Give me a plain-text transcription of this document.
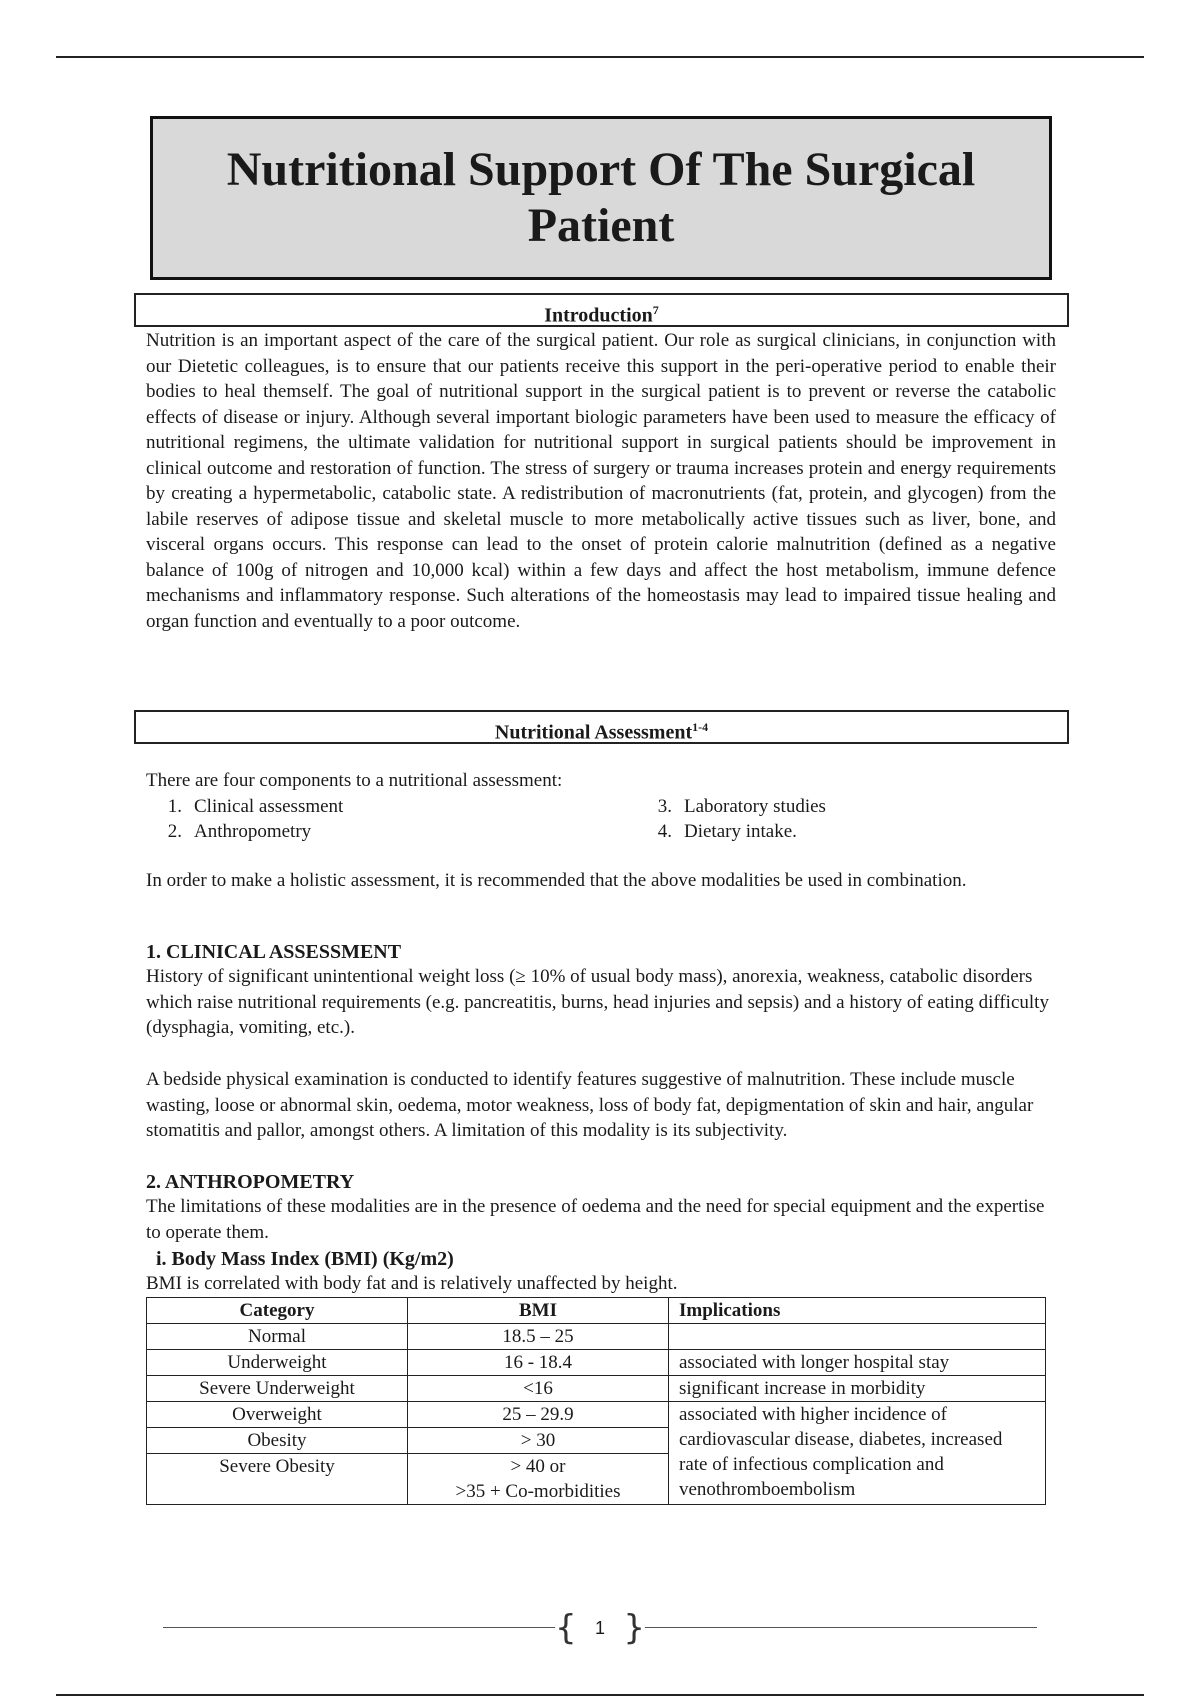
Nutritional Support Of The Surgical Patient
Introduction$^7$

Nutrition is an important aspect of the care of the surgical patient. Our role as surgical clinicians, in conjunction with our Dietetic colleagues, is to ensure that our patients receive this support in the peri-operative period to enable their bodies to heal themself. The goal of nutritional support in the surgical patient is to prevent or reverse the catabolic effects of disease or injury. Although several important biologic parameters have been used to measure the efficacy of nutritional regimens, the ultimate validation for nutritional support in surgical patients should be improvement in clinical outcome and restoration of function. The stress of surgery or trauma increases protein and energy requirements by creating a hypermetabolic, catabolic state. A redistribution of macronutrients (fat, protein, and glycogen) from the labile reserves of adipose tissue and skeletal muscle to more metabolically active tissues such as liver, bone, and visceral organs occurs. This response can lead to the onset of protein calorie malnutrition (defined as a negative balance of 100g of nitrogen and 10,000 kcal) within a few days and affect the host metabolism, immune defence mechanisms and inflammatory response. Such alterations of the homeostasis may lead to impaired tissue healing and organ function and eventually to a poor outcome.

Nutritional Assessment$^{1-4}$

There are four components to a nutritional assessment:

1. Clinical assessment
2. Anthropometry
3. Laboratory studies
4. Dietary intake.

In order to make a holistic assessment, it is recommended that the above modalities be used in combination.

1. CLINICAL ASSESSMENT

History of significant unintentional weight loss (≥ 10% of usual body mass), anorexia, weakness, catabolic disorders which raise nutritional requirements (e.g. pancreatitis, burns, head injuries and sepsis) and a history of eating difficulty (dysphagia, vomiting, etc.).

A bedside physical examination is conducted to identify features suggestive of malnutrition. These include muscle wasting, loose or abnormal skin, oedema, motor weakness, loss of body fat, depigmentation of skin and hair, angular stomatitis and pallor, amongst others. A limitation of this modality is its subjectivity.

2. ANTHROPOMETRY

The limitations of these modalities are in the presence of oedema and the need for special equipment and the expertise to operate them.

i. Body Mass Index (BMI) (Kg/m2)

BMI is correlated with body fat and is relatively unaffected by height.

Category	BMI	Implications
Normal	18.5 – 25	
Underweight	16 - 18.4	associated with longer hospital stay
Severe Underweight	<16	significant increase in morbidity
Overweight	25 – 29.9	associated with higher incidence of cardiovascular disease, diabetes, increased rate of infectious complication and venothromboembolism
Obesity	> 30	
Severe Obesity	> 40 or
>35 + Co-morbidities	
{ 1 }
